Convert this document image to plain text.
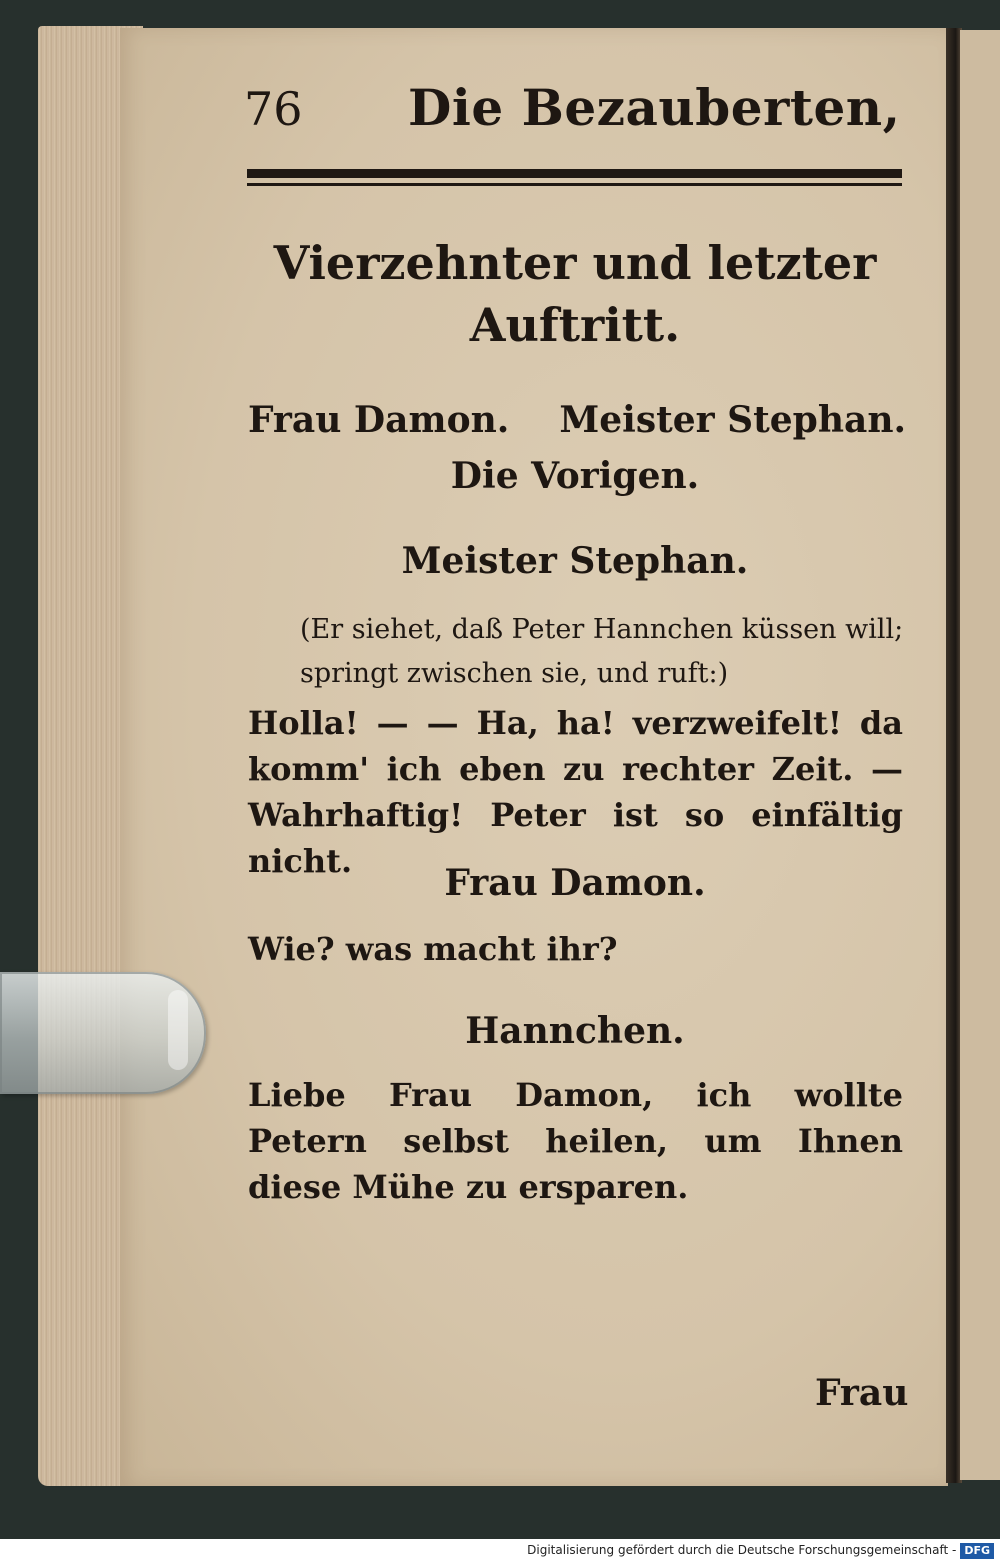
76 Die Bezauberten,
Vierzehnter und letzter
Auftritt.
Frau Damon.    Meister Stephan.
Die Vorigen.
Meister Stephan.
(Er siehet, daß Peter Hannchen küssen will; springt zwischen sie, und ruft:)
Holla! — — Ha, ha! verzweifelt! da komm' ich eben zu rechter Zeit. — Wahrhaftig! Peter ist so einfältig nicht.
Frau Damon.
Wie? was macht ihr?
Hannchen.
Liebe Frau Damon, ich wollte Petern selbst heilen, um Ihnen diese Mühe zu ersparen.
Frau
Digitalisierung gefördert durch die Deutsche Forschungsgemeinschaft - DFG
